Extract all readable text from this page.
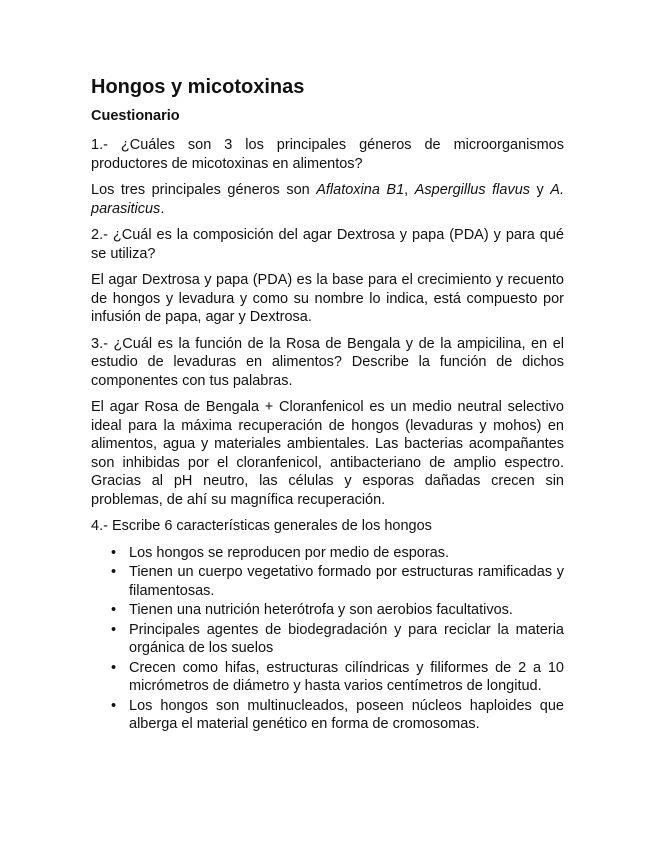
Hongos y micotoxinas
Cuestionario

1.- ¿Cuáles son 3 los principales géneros de microorganismos productores de micotoxinas en alimentos?

Los tres principales géneros son Aflatoxina B1, Aspergillus flavus y A. parasiticus.

2.- ¿Cuál es la composición del agar Dextrosa y papa (PDA) y para qué se utiliza?

El agar Dextrosa y papa (PDA) es la base para el crecimiento y recuento de hongos y levadura y como su nombre lo indica, está compuesto por infusión de papa, agar y Dextrosa.

3.- ¿Cuál es la función de la Rosa de Bengala y de la ampicilina, en el estudio de levaduras en alimentos? Describe la función de dichos componentes con tus palabras.

El agar Rosa de Bengala + Cloranfenicol es un medio neutral selectivo ideal para la máxima recuperación de hongos (levaduras y mohos) en alimentos, agua y materiales ambientales. Las bacterias acompañantes son inhibidas por el cloranfenicol, antibacteriano de amplio espectro. Gracias al pH neutro, las células y esporas dañadas crecen sin problemas, de ahí su magnífica recuperación.

4.- Escribe 6 características generales de los hongos

• Los hongos se reproducen por medio de esporas.
• Tienen un cuerpo vegetativo formado por estructuras ramificadas y filamentosas.
• Tienen una nutrición heterótrofa y son aerobios facultativos.
• Principales agentes de biodegradación y para reciclar la materia orgánica de los suelos
• Crecen como hifas, estructuras cilíndricas y filiformes de 2 a 10 micrómetros de diámetro y hasta varios centímetros de longitud.
• Los hongos son multinucleados, poseen núcleos haploides que alberga el material genético en forma de cromosomas.
